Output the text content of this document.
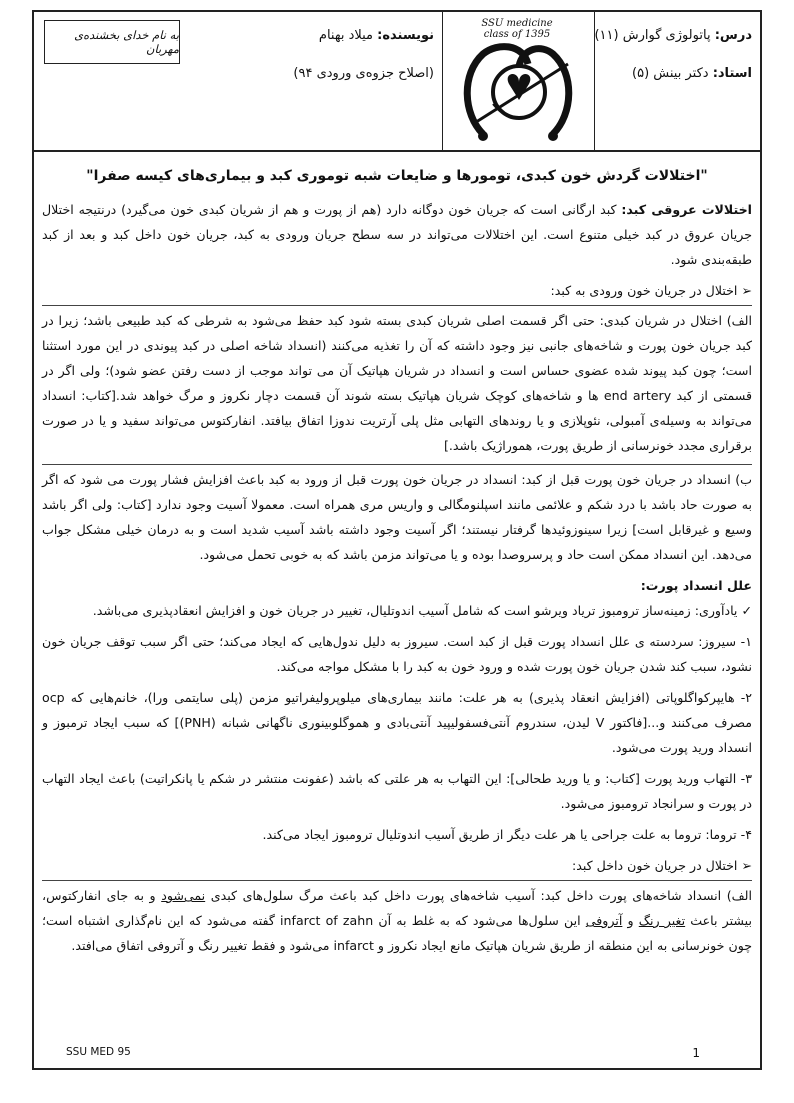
درس: پاتولوژی گوارش (۱۱)
استاد: دکتر بینش (۵)
SSU medicine
class of 1395
نویسنده: میلاد بهنام
(اصلاح جزوه‌ی ورودی ۹۴)
به نام خدای بخشنده‌ی مهربان
"اختلالات گردش خون کبدی، تومورها و ضایعات شبه توموری کبد و بیماری‌های کیسه صفرا"

اختلالات عروقی کبد: کبد ارگانی است که جریان خون دوگانه دارد (هم از پورت و هم از شریان کبدی خون می‌گیرد) درنتیجه اختلال جریان عروق در کبد خیلی متنوع است. این اختلالات می‌تواند در سه سطح جریان ورودی به کبد، جریان خون داخل کبد و بعد از کبد طبقه‌بندی شود.

➢اختلال در جریان خون ورودی به کبد:

الف) اختلال در شریان کبدی: حتی اگر قسمت اصلی شریان کبدی بسته شود کبد حفظ می‌شود به شرطی که کبد طبیعی باشد؛ زیرا در کبد جریان خون پورت و شاخه‌های جانبی نیز وجود داشته که آن را تغذیه می‌کنند (انسداد شاخه اصلی در کبد پیوندی در این مورد استثنا است؛ چون کبد پیوند شده عضوی حساس است و انسداد در شریان هپاتیک آن می تواند موجب از دست رفتن عضو شود)؛ ولی اگر در قسمتی از کبد end artery ها و شاخه‌های کوچک شریان هپاتیک بسته شوند آن قسمت دچار نکروز و مرگ خواهد شد.[کتاب: انسداد می‌تواند به وسیله‌ی آمبولی، نئوپلازی و یا روندهای التهابی مثل پلی آرتریت ندوزا اتفاق بیافتد. انفارکتوس می‌تواند سفید و یا در صورت برقراری مجدد خونرسانی از طریق پورت، هموراژیک باشد.]

ب) انسداد در جریان خون پورت قبل از کبد: انسداد در جریان خون پورت قبل از ورود به کبد باعث افزایش فشار پورت می شود که اگر به صورت حاد باشد با درد شکم و علائمی مانند اسپلنومگالی و واریس مری همراه است. معمولا آسیت وجود ندارد [کتاب: ولی اگر باشد وسیع و غیرقابل است] زیرا سینوزوئیدها گرفتار نیستند؛ اگر آسیت وجود داشته باشد آسیب شدید است و به درمان خیلی مشکل جواب می‌دهد. این انسداد ممکن است حاد و پرسروصدا بوده و یا می‌تواند مزمن باشد که به خوبی تحمل می‌شود.

علل انسداد پورت:

✓یادآوری: زمینه‌ساز ترومبوز تریاد ویرشو است که شامل آسیب اندوتلیال، تغییر در جریان خون و افزایش انعقادپذیری می‌باشد.

۱- سیروز: سردسته ی علل انسداد پورت قبل از کبد است. سیروز به دلیل ندول‌هایی که ایجاد می‌کند؛ حتی اگر سبب توقف جریان خون نشود، سبب کند شدن جریان خون پورت شده و ورود خون به کبد را با مشکل مواجه می‌کند.

۲- هایپرکواگلوپاتی (افزایش انعقاد پذیری) به هر علت: مانند بیماری‌های میلوپرولیفراتیو مزمن (پلی سایتمی ورا)، خانم‌هایی که ocp مصرف می‌کنند و...[فاکتور V لیدن، سندروم آنتی‌فسفولیپید آنتی‌بادی و هموگلوبینوری ناگهانی شبانه (PNH)] که سبب ایجاد ترمبوز و انسداد ورید پورت می‌شود.

۳- التهاب ورید پورت [کتاب: و یا ورید طحالی]: این التهاب به هر علتی که باشد (عفونت منتشر در شکم یا پانکراتیت) باعث ایجاد التهاب در پورت و سرانجاد ترومبوز می‌شود.

۴- تروما: تروما به علت جراحی یا هر علت دیگر از طریق آسیب اندوتلیال ترومبوز ایجاد می‌کند.

➢اختلال در جریان خون داخل کبد:

الف) انسداد شاخه‌های پورت داخل کبد: آسیب شاخه‌های پورت داخل کبد باعث مرگ سلول‌های کبدی نمی‌شود و به جای انفارکتوس، بیشتر باعث تغیر رنگ و آتروفی این سلول‌ها می‌شود که به غلط به آن infarct of zahn گفته می‌شود که این نام‌گذاری اشتباه است؛ چون خونرسانی به این منطقه از طریق شریان هپاتیک مانع ایجاد نکروز و infarct می‌شود و فقط تغییر رنگ و آتروفی اتفاق می‌افتد.

SSU MED 95	1
